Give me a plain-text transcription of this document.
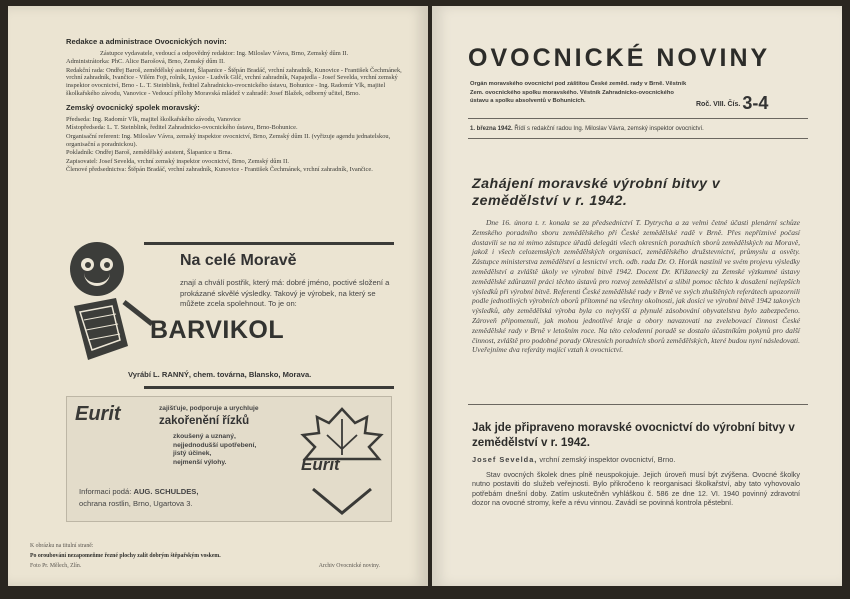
Redakce a administrace Ovocnických novin:
Zástupce vydavatele, vedoucí a odpovědný redaktor: Ing. Miloslav Vávra, Brno, Zemský dům II.
Administrátorka: PhC. Alice Barošová, Brno, Zemský dům II.
Redakční rada: Ondřej Baroš, zemědělský asistent, Šlapanice - Štěpán Bradáč, vrchní zahradník, Kunovice - František Čechmánek, vrchní zahradník, Ivančice - Vilém Fojt, rolník, Lysice - Ludvík Gilč, vrchní zahradník, Napajedla - Josef Sevelda, vrchní zemský inspektor ovocnictví, Brno - L. T. Steinblink, ředitel Zahradnicko-ovocnického ústavu, Bohunice - Ing. Radomír Vlk, majitel školkařského závodu, Vanovice - Vedoucí přílohy Moravská mládež v zahradě: Josef Blažek, odborný učitel, Brno.
Zemský ovocnický spolek moravský:
Předseda: Ing. Radomír Vlk, majitel školkařského závodu, Vanovice
Místopředseda: L. T. Steinblink, ředitel Zahradnicko-ovocnického ústavu, Brno-Bohunice.
Organisační referent: Ing. Miloslav Vávra, zemský inspektor ovocnictví, Brno, Zemský dům II. (vyřizuje agendu jednatelskou, organisační a poradnickou).
Pokladník: Ondřej Baroš, zemědělský asistent, Šlapanice u Brna.
Zapisovatel: Josef Sevelda, vrchní zemský inspektor ovocnictví, Brno, Zemský dům II.
Členové předsednictva: Štěpán Bradáč, vrchní zahradník, Kunovice - František Čechmánek, vrchní zahradník, Ivančice.
Na celé Moravě
znají a chválí postřik, který má: dobré jméno, poctivé složení a prokázané skvělé výsledky. Takový je výrobek, na který se můžete zcela spolehnout. To je on:
BARVIKOL
Vyrábí L. RANNÝ, chem. továrna, Blansko, Morava.
Eurit	zajišťuje, podporuje a urychluje
zakořenění řízků
zkoušený a uznaný,
nejjednodušší upotřebení,
jistý účinek,
nejmenší výlohy.
Informaci podá: AUG. SCHULDES,
ochrana rostlin, Brno, Ugartova 3.
Eurit
K obrázku na titulní straně:
Po oroubování nezapomeňme řezné plochy zalít dobrým štěpařským voskem.
Foto Pr. Mělech, Zlín.	Archiv Ovocnické noviny.
OVOCNICKÉ NOVINY
Orgán moravského ovocnictví pod záštitou České zeměd. rady v Brně. Věstník Zem. ovocnického spolku moravského. Věstník Zahradnicko-ovocnického ústavu a spolku absolventů v Bohunicích.	Roč. VIII. Čís. 3-4
1. března 1942. Řídí s redakční radou Ing. Miloslav Vávra, zemský inspektor ovocnictví.
Zahájení moravské výrobní bitvy v zemědělství v r. 1942.
Dne 16. února t. r. konala se za předsednictví T. Dytrycha a za velmi četné účasti plenární schůze Zemského poradního sboru zemědělského při České zemědělské radě v Brně. Přes nepříznivé počasí dostavili se na ni mimo zástupce úřadů delegáti všech okresních poradních sborů zemědělských na Moravě, jakož i všech celozemských zemědělských organisací, zemědělského družstevnictví, průmyslu a osvěty. Zástupce ministerstva zemědělství a lesnictví vrch. odb. rada Dr. O. Horák nastínil ve svém projevu výsledky zemědělství a zvláště úkoly ve výrobní bitvě 1942. Docent Dr. Křižanecký za Zemské výzkumné ústavy zemědělské zdůraznil práci těchto ústavů pro rozvoj zemědělství a slíbil pomoc těchto k dosažení nejlepších výsledků při výrobní bitvě. Referenti České zemědělské rady v Brně ve svých zhuštěných referátech upozornili podle jednotlivých výrobních oborů přítomné na všechny okolnosti, jak dosíci ve výrobní bitvě 1942 takových výsledků, aby zemědělská výroba byla co nejvyšší a plynulé zásobování obyvatelstva bylo zabezpečeno. Zároveň připomenuli, jak mohou jednotlivé kraje a obory navazovati na zvelebovací činnost České zemědělské rady v Brně v letošním roce. Na této celodenní poradě se dostalo účastníkům pokynů pro další činnost, zvláště pro podobné porady Okresních poradních sborů zemědělských, které budou nyní následovati. Uveřejníme dva referáty mající vztah k ovocnictví.
Jak jde připraveno moravské ovocnictví do výrobní bitvy v zemědělství v r. 1942.
Josef Sevelda, vrchní zemský inspektor ovocnictví, Brno.
Stav ovocných školek dnes plně neuspokojuje. Jejich úroveň musí být zvýšena. Ovocné školky nutno postaviti do služeb veřejnosti. Bylo přikročeno k reorganisaci školkařství, aby tato vyhovovalo potřebám dnešní doby. Zatím uskutečněn vyhláškou č. 586 ze dne 12. VI. 1940 povinný zdravotní dozor na ovocné stromy, keře a révu vinnou. Zavádí se povinná kontrola pěstební.
